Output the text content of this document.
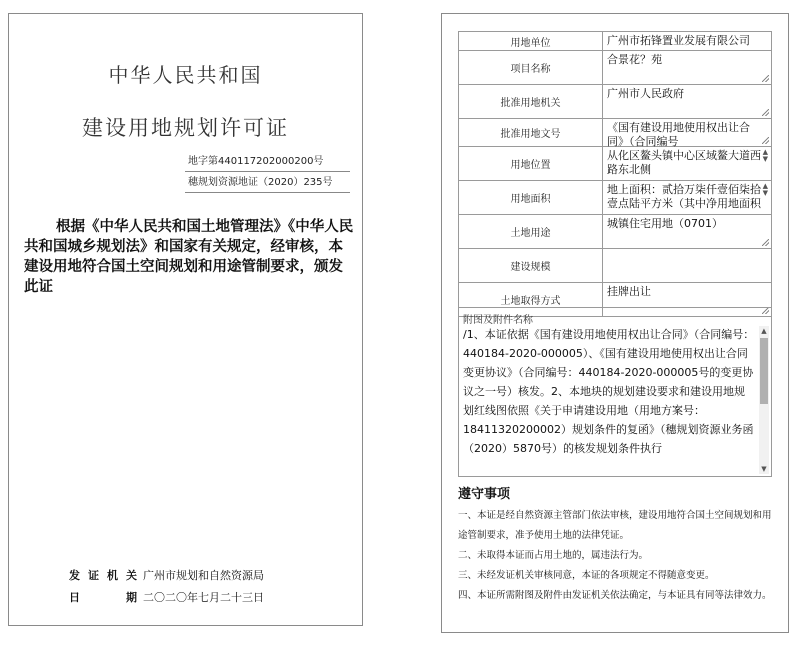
中华人民共和国
建设用地规划许可证
地字第440117202000200号
穗规划资源地证（2020）235号
根据《中华人民共和国土地管理法》《中华人民共和国城乡规划法》和国家有关规定，经审核，本建设用地符合国土空间规划和用途管制要求，颁发此证
发证机关 广州市规划和自然资源局
日　期 二〇二〇年七月二十三日
用地单位	广州市拓锋置业发展有限公司

项目名称	合景花？苑

批准用地机关	广州市人民政府

批准用地文号	《国有建设用地使用权出让合同》（合同编号

用地位置	从化区鳌头镇中心区域鳌大道西路东北侧
▲
▼

用地面积	地上面积：贰拾万柒仟壹佰柒拾壹点陆平方米（其中净用地面积
▲
▼

土地用途	城镇住宅用地（0701）

建设规模	

土地取得方式	挂牌出让
附图及附件名称
/1、本证依据《国有建设用地使用权出让合同》（合同编号：440184-2020-000005）、《国有建设用地使用权出让合同变更协议》（合同编号：440184-2020-000005号的变更协议之一号）核发。2、本地块的规划建设要求和建设用地规划红线图依照《关于申请建设用地（用地方案号：18411320200002）规划条件的复函》（穗规划资源业务函（2020）5870号）的核发规划条件执行
▲
▼
遵守事项
一、本证是经自然资源主管部门依法审核，建设用地符合国土空间规划和用途管制要求，准予使用土地的法律凭证。
二、未取得本证而占用土地的，属违法行为。
三、未经发证机关审核同意，本证的各项规定不得随意变更。
四、本证所需附图及附件由发证机关依法确定，与本证具有同等法律效力。
